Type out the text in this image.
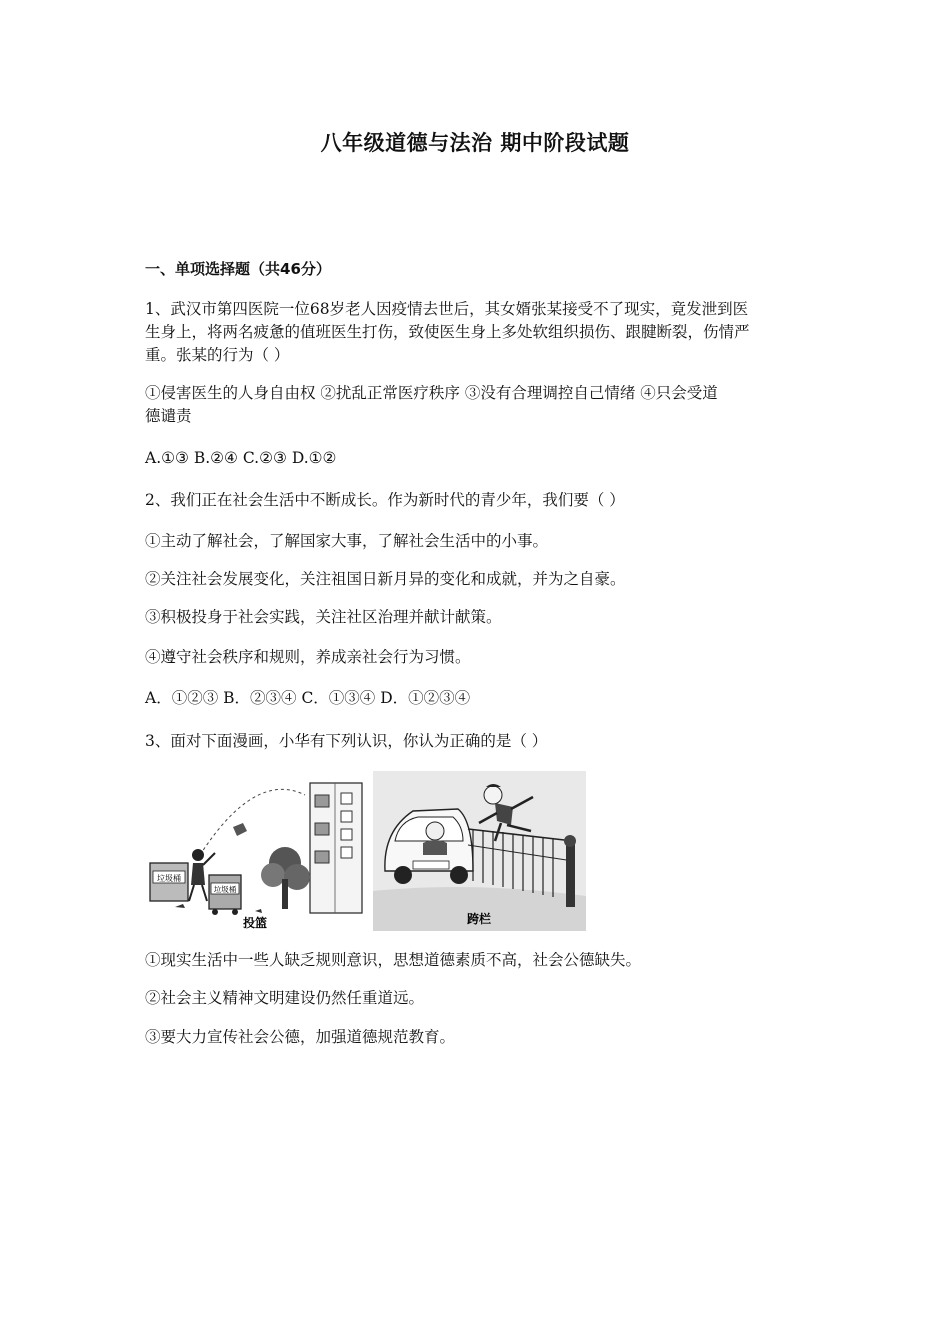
八年级道德与法治 期中阶段试题
一、单项选择题（共46分）
1、武汉市第四医院一位68岁老人因疫情去世后，其女婿张某接受不了现实，竟发泄到医
生身上，将两名疲惫的值班医生打伤，致使医生身上多处软组织损伤、跟腱断裂，伤情严
重。张某的行为（ ）
①侵害医生的人身自由权 ②扰乱正常医疗秩序 ③没有合理调控自己情绪 ④只会受道
德谴责
A.①③ B.②④ C.②③ D.①②
2、我们正在社会生活中不断成长。作为新时代的青少年，我们要（ ）
①主动了解社会，了解国家大事，了解社会生活中的小事。
②关注社会发展变化，关注祖国日新月异的变化和成就，并为之自豪。
③积极投身于社会实践，关注社区治理并献计献策。
④遵守社会秩序和规则，养成亲社会行为习惯。
A．①②③ B．②③④ C．①③④ D．①②③④
3、面对下面漫画，小华有下列认识，你认为正确的是（ ）
垃圾桶
垃圾桶
投篮	跨栏
①现实生活中一些人缺乏规则意识，思想道德素质不高，社会公德缺失。
②社会主义精神文明建设仍然任重道远。
③要大力宣传社会公德，加强道德规范教育。
